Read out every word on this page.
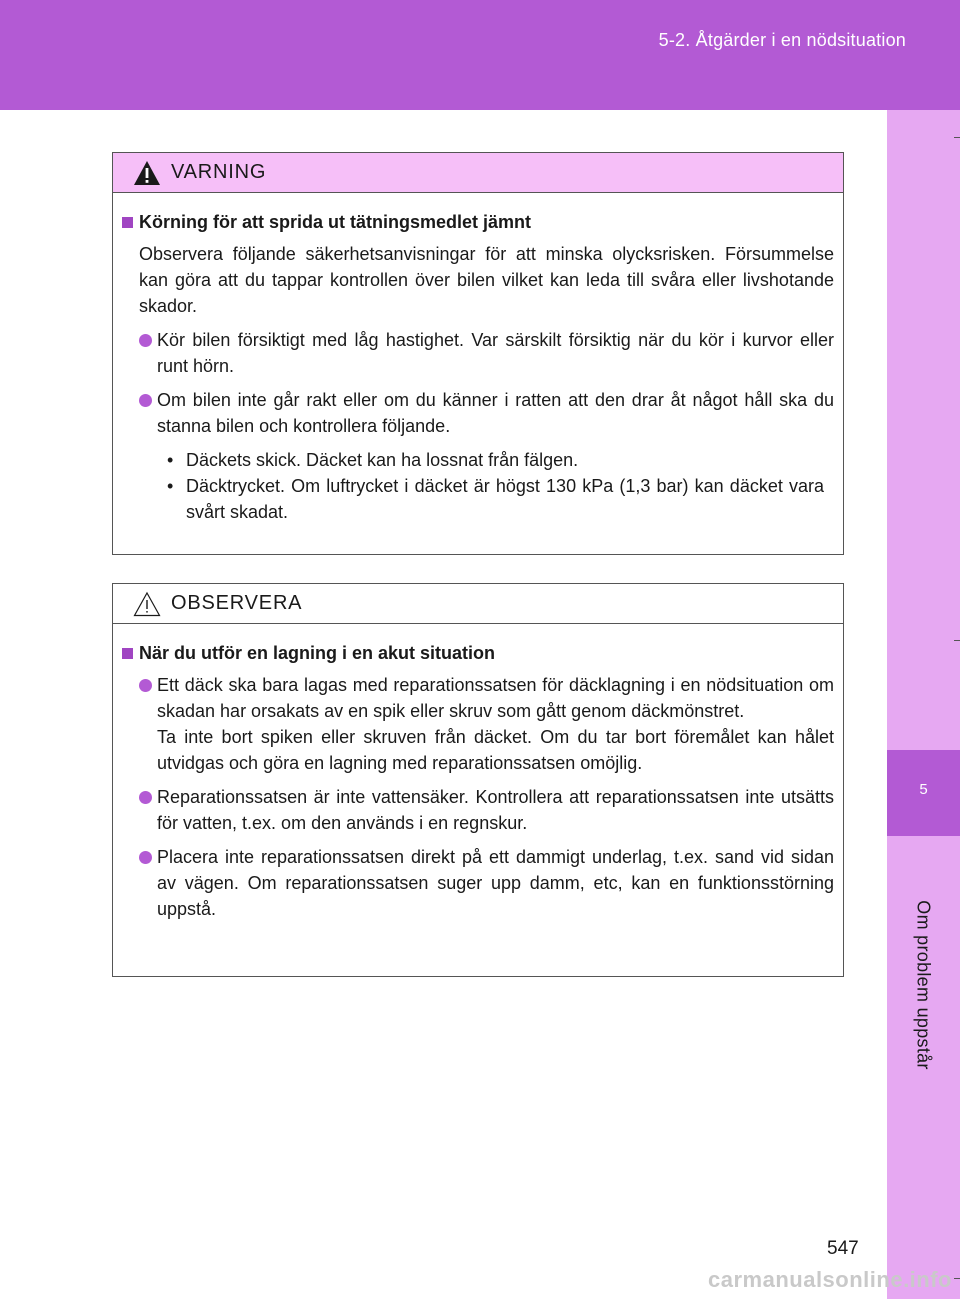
5-2. Åtgärder i en nödsituation
5
Om problem uppstår
VARNING
Körning för att sprida ut tätningsmedlet jämnt
Observera följande säkerhetsanvisningar för att minska olycksrisken. Försummelse kan göra att du tappar kontrollen över bilen vilket kan leda till svåra eller livshotande skador.
Kör bilen försiktigt med låg hastighet. Var särskilt försiktig när du kör i kurvor eller runt hörn.
Om bilen inte går rakt eller om du känner i ratten att den drar åt något håll ska du stanna bilen och kontrollera följande.
• Däckets skick. Däcket kan ha lossnat från fälgen.
• Däcktrycket. Om luftrycket i däcket är högst 130 kPa (1,3 bar) kan däcket vara svårt skadat.
OBSERVERA
När du utför en lagning i en akut situation
Ett däck ska bara lagas med reparationssatsen för däcklagning i en nödsituation om skadan har orsakats av en spik eller skruv som gått genom däckmönstret.
Ta inte bort spiken eller skruven från däcket. Om du tar bort föremålet kan hålet utvidgas och göra en lagning med reparationssatsen omöjlig.
Reparationssatsen är inte vattensäker. Kontrollera att reparationssatsen inte utsätts för vatten, t.ex. om den används i en regnskur.
Placera inte reparationssatsen direkt på ett dammigt underlag, t.ex. sand vid sidan av vägen. Om reparationssatsen suger upp damm, etc, kan en funktionsstörning uppstå.
547
carmanualsonline.info
